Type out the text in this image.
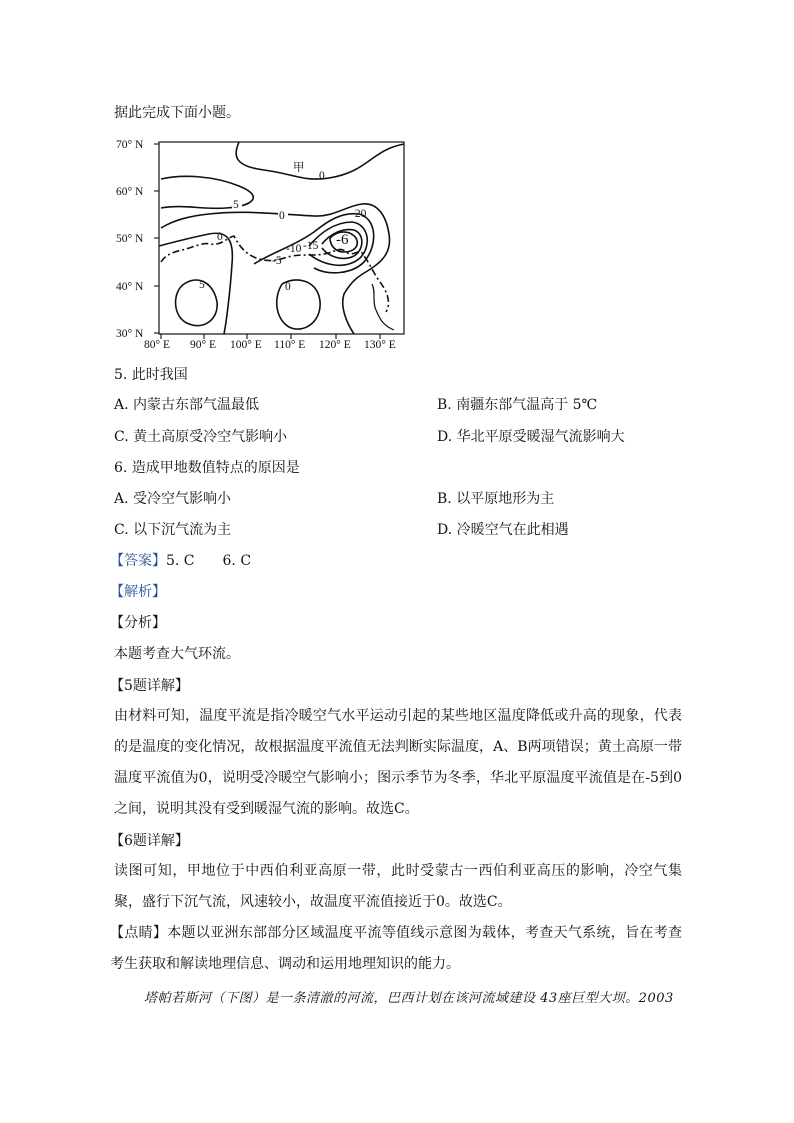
据此完成下面小题。
70° N
60° N
50° N
40° N
30° N
80° E 90° E 100° E 110° E 120° E 130° E
甲
0
5
0
0
-20
-6
-10 -15
-5
5	0
5. 此时我国
A. 内蒙古东部气温最低	B. 南疆东部气温高于 5℃
C. 黄土高原受冷空气影响小	D. 华北平原受暖湿气流影响大
6. 造成甲地数值特点的原因是
A. 受冷空气影响小	B. 以平原地形为主
C. 以下沉气流为主	D. 冷暖空气在此相遇
【答案】5. C　　6. C
【解析】
【分析】
本题考查大气环流。
【5题详解】

由材料可知，温度平流是指冷暖空气水平运动引起的某些地区温度降低或升高的现象，代表的是温度的变化情况，故根据温度平流值无法判断实际温度，A、B两项错误；黄土高原一带温度平流值为0，说明受冷暖空气影响小；图示季节为冬季，华北平原温度平流值是在-5到0之间，说明其没有受到暖湿气流的影响。故选C。

【6题详解】

读图可知，甲地位于中西伯利亚高原一带，此时受蒙古一西伯利亚高压的影响，冷空气集聚，盛行下沉气流，风速较小，故温度平流值接近于0。故选C。

【点睛】本题以亚洲东部部分区域温度平流等值线示意图为载体，考查天气系统，旨在考查考生获取和解读地理信息、调动和运用地理知识的能力。

塔帕若斯河（下图）是一条清澈的河流，巴西计划在该河流域建设 43座巨型大坝。2003
